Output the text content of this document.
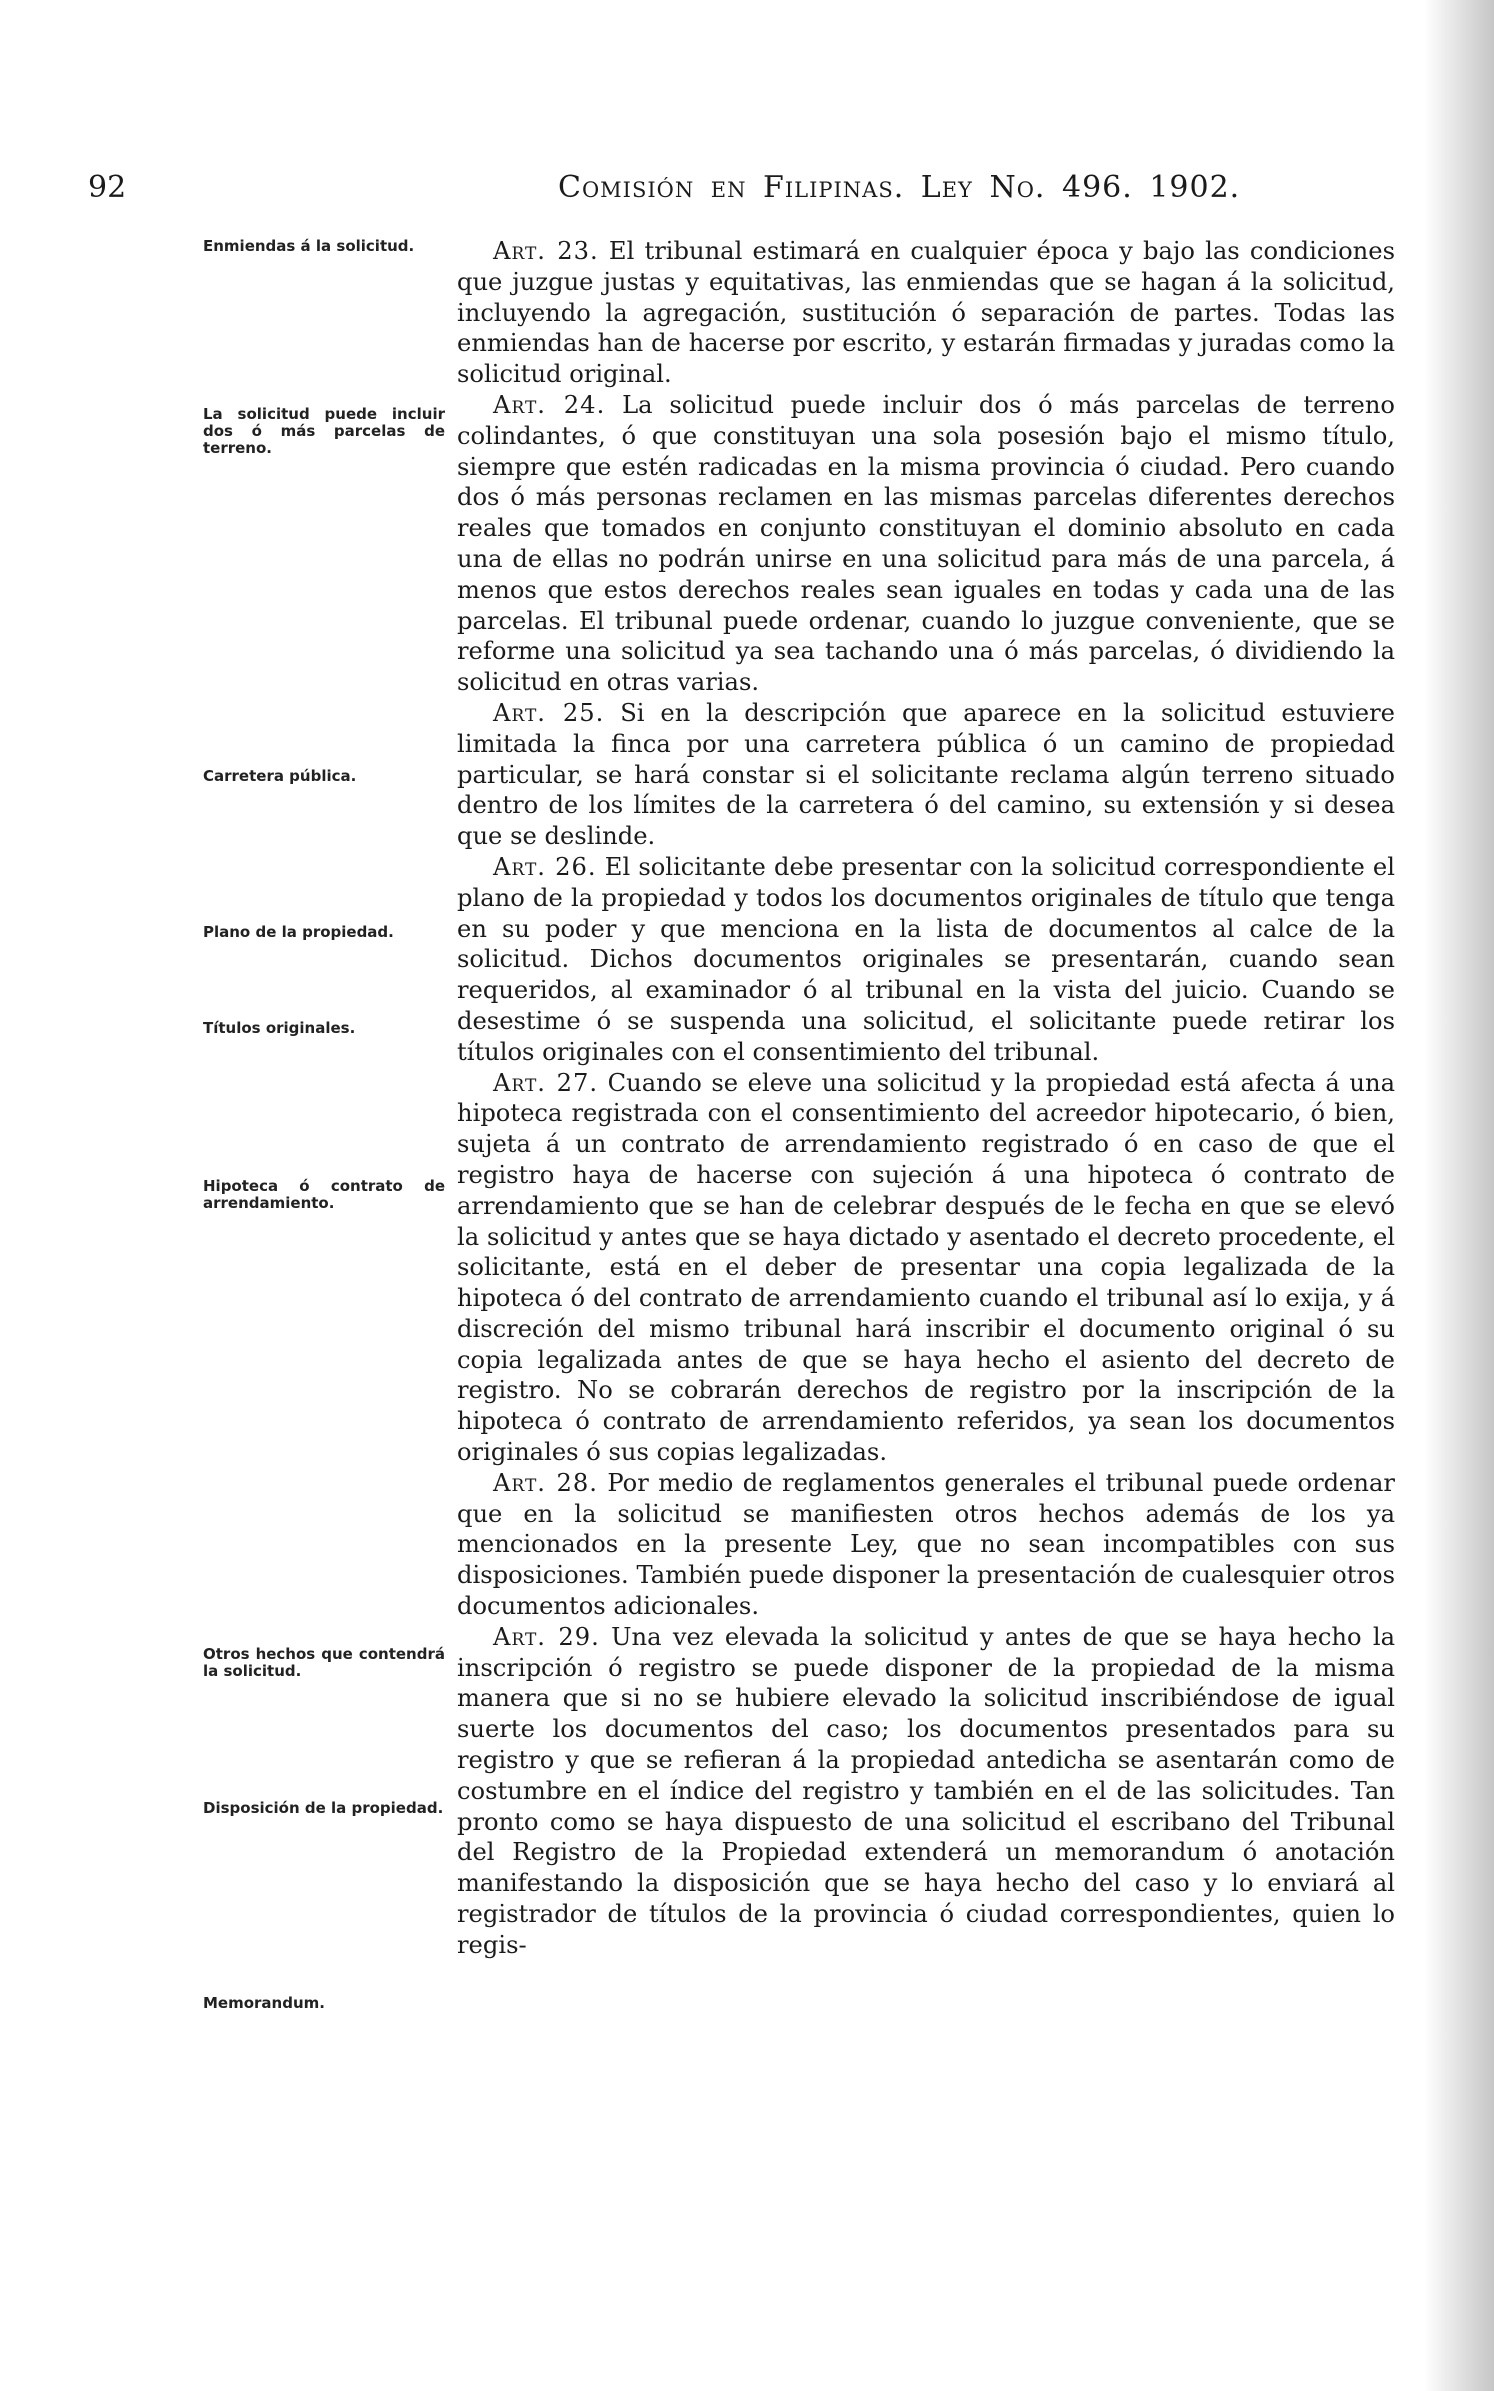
92	Comisión en Filipinas. Ley No. 496. 1902.
Enmiendas á la solicitud.
La solicitud puede incluir dos ó más parcelas de terreno.
Carretera pública.
Plano de la propiedad.
Títulos originales.
Hipoteca ó contrato de arrendamiento.
Otros hechos que contendrá la solicitud.
Disposición de la propiedad.
Memorandum.

Art. 23. El tribunal estimará en cualquier época y bajo las condiciones que juzgue justas y equitativas, las enmiendas que se hagan á la solicitud, incluyendo la agregación, sustitución ó separación de partes. Todas las enmiendas han de hacerse por escrito, y estarán firmadas y juradas como la solicitud original.

Art. 24. La solicitud puede incluir dos ó más parcelas de terreno colindantes, ó que constituyan una sola posesión bajo el mismo título, siempre que estén radicadas en la misma provincia ó ciudad. Pero cuando dos ó más personas reclamen en las mismas parcelas diferentes derechos reales que tomados en conjunto constituyan el dominio absoluto en cada una de ellas no podrán unirse en una solicitud para más de una parcela, á menos que estos derechos reales sean iguales en todas y cada una de las parcelas. El tribunal puede ordenar, cuando lo juzgue conveniente, que se reforme una solicitud ya sea tachando una ó más parcelas, ó dividiendo la solicitud en otras varias.

Art. 25. Si en la descripción que aparece en la solicitud estuviere limitada la finca por una carretera pública ó un camino de propiedad particular, se hará constar si el solicitante reclama algún terreno situado dentro de los límites de la carretera ó del camino, su extensión y si desea que se deslinde.

Art. 26. El solicitante debe presentar con la solicitud correspondiente el plano de la propiedad y todos los documentos originales de título que tenga en su poder y que menciona en la lista de documentos al calce de la solicitud. Dichos documentos originales se presentarán, cuando sean requeridos, al examinador ó al tribunal en la vista del juicio. Cuando se desestime ó se suspenda una solicitud, el solicitante puede retirar los títulos originales con el consentimiento del tribunal.

Art. 27. Cuando se eleve una solicitud y la propiedad está afecta á una hipoteca registrada con el consentimiento del acreedor hipotecario, ó bien, sujeta á un contrato de arrendamiento registrado ó en caso de que el registro haya de hacerse con sujeción á una hipoteca ó contrato de arrendamiento que se han de celebrar después de le fecha en que se elevó la solicitud y antes que se haya dictado y asentado el decreto procedente, el solicitante, está en el deber de presentar una copia legalizada de la hipoteca ó del contrato de arrendamiento cuando el tribunal así lo exija, y á discreción del mismo tribunal hará inscribir el documento original ó su copia legalizada antes de que se haya hecho el asiento del decreto de registro. No se cobrarán derechos de registro por la inscripción de la hipoteca ó contrato de arrendamiento referidos, ya sean los documentos originales ó sus copias legalizadas.

Art. 28. Por medio de reglamentos generales el tribunal puede ordenar que en la solicitud se manifiesten otros hechos además de los ya mencionados en la presente Ley, que no sean incompatibles con sus disposiciones. También puede disponer la presentación de cualesquier otros documentos adicionales.

Art. 29. Una vez elevada la solicitud y antes de que se haya hecho la inscripción ó registro se puede disponer de la propiedad de la misma manera que si no se hubiere elevado la solicitud inscribiéndose de igual suerte los documentos del caso; los documentos presentados para su registro y que se refieran á la propiedad antedicha se asentarán como de costumbre en el índice del registro y también en el de las solicitudes. Tan pronto como se haya dispuesto de una solicitud el escribano del Tribunal del Registro de la Propiedad extenderá un memorandum ó anotación manifestando la disposición que se haya hecho del caso y lo enviará al registrador de títulos de la provincia ó ciudad correspondientes, quien lo regis-
